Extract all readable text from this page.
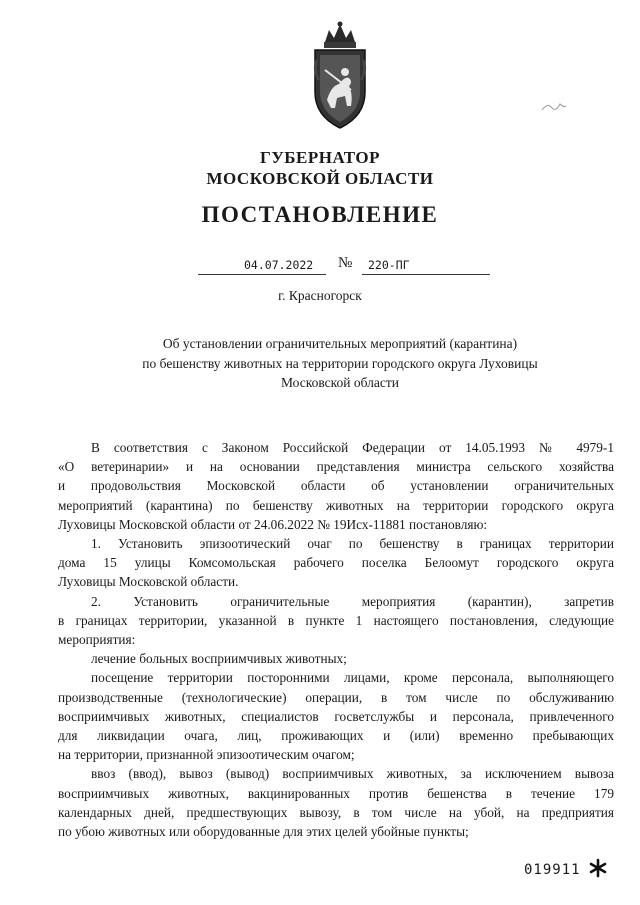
ГУБЕРНАТОР
МОСКОВСКОЙ ОБЛАСТИ
ПОСТАНОВЛЕНИЕ
04.07.2022 № 220-ПГ
г. Красногорск
Об установлении ограничительных мероприятий (карантина)
по бешенству животных на территории городского округа Луховицы
Московской области
В соответствия с Законом Российской Федерации от 14.05.1993 № 4979-1
«О ветеринарии» и на основании представления министра сельского хозяйства
и продовольствия Московской области об установлении ограничительных
мероприятий (карантина) по бешенству животных на территории городского округа
Луховицы Московской области от 24.06.2022 № 19Исх-11881 постановляю:
1. Установить эпизоотический очаг по бешенству в границах территории
дома 15 улицы Комсомольская рабочего поселка Белоомут городского округа
Луховицы Московской области.
2. Установить ограничительные мероприятия (карантин), запретив
в границах территории, указанной в пункте 1 настоящего постановления, следующие
мероприятия:
лечение больных восприимчивых животных;
посещение территории посторонними лицами, кроме персонала, выполняющего
производственные (технологические) операции, в том числе по обслуживанию
восприимчивых животных, специалистов госветслужбы и персонала, привлеченного
для ликвидации очага, лиц, проживающих и (или) временно пребывающих
на территории, признанной эпизоотическим очагом;
ввоз (ввод), вывоз (вывод) восприимчивых животных, за исключением вывоза
восприимчивых животных, вакцинированных против бешенства в течение 179
календарных дней, предшествующих вывозу, в том числе на убой, на предприятия
по убою животных или оборудованные для этих целей убойные пункты;
019911
